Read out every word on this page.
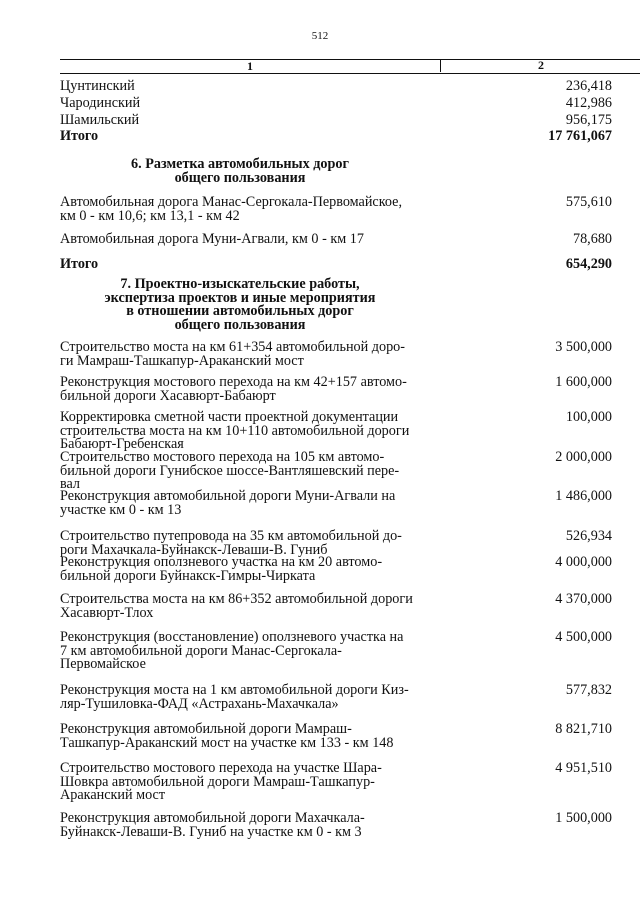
512
1	2
Цунтинский	236,418
Чародинский	412,986
Шамильский	956,175
Итого	17 761,067
6. Разметка автомобильных дорог
общего пользования
Автомобильная дорога Манас-Сергокала-Первомайское,
км 0 - км 10,6; км 13,1 - км 42
575,610
Автомобильная дорога Муни-Агвали, км 0 - км 17	78,680
Итого	654,290
7. Проектно-изыскательские работы,
экспертиза проектов и иные мероприятия
в отношении автомобильных дорог
общего пользования
Строительство моста на км 61+354 автомобильной доро-
ги Мамраш-Ташкапур-Араканский мост
3 500,000
Реконструкция мостового перехода на км 42+157 автомо-
бильной дороги Хасавюрт-Бабаюрт
1 600,000
Корректировка сметной части проектной документации
строительства моста на км 10+110 автомобильной дороги
Бабаюрт-Гребенская
100,000
Строительство мостового перехода на 105 км автомо-
бильной дороги Гунибское шоссе-Вантляшевский пере-
вал
2 000,000
Реконструкция автомобильной дороги Муни-Агвали на
участке км 0 - км 13
1 486,000
Строительство путепровода на 35 км автомобильной до-
роги Махачкала-Буйнакск-Леваши-В. Гуниб
526,934
Реконструкция оползневого участка на км 20 автомо-
бильной дороги Буйнакск-Гимры-Чирката
4 000,000
Строительства моста на км 86+352 автомобильной дороги
Хасавюрт-Тлох
4 370,000
Реконструкция (восстановление) оползневого участка на
7 км автомобильной дороги Манас-Сергокала-
Первомайское
4 500,000
Реконструкция моста на 1 км автомобильной дороги Киз-
ляр-Тушиловка-ФАД «Астрахань-Махачкала»
577,832
Реконструкция автомобильной дороги Мамраш-
Ташкапур-Араканский мост на участке км 133 - км 148
8 821,710
Строительство мостового перехода на участке Шара-
Шовкра автомобильной дороги Мамраш-Ташкапур-
Араканский мост
4 951,510
Реконструкция автомобильной дороги Махачкала-
Буйнакск-Леваши-В. Гуниб на участке км 0 - км 3
1 500,000
